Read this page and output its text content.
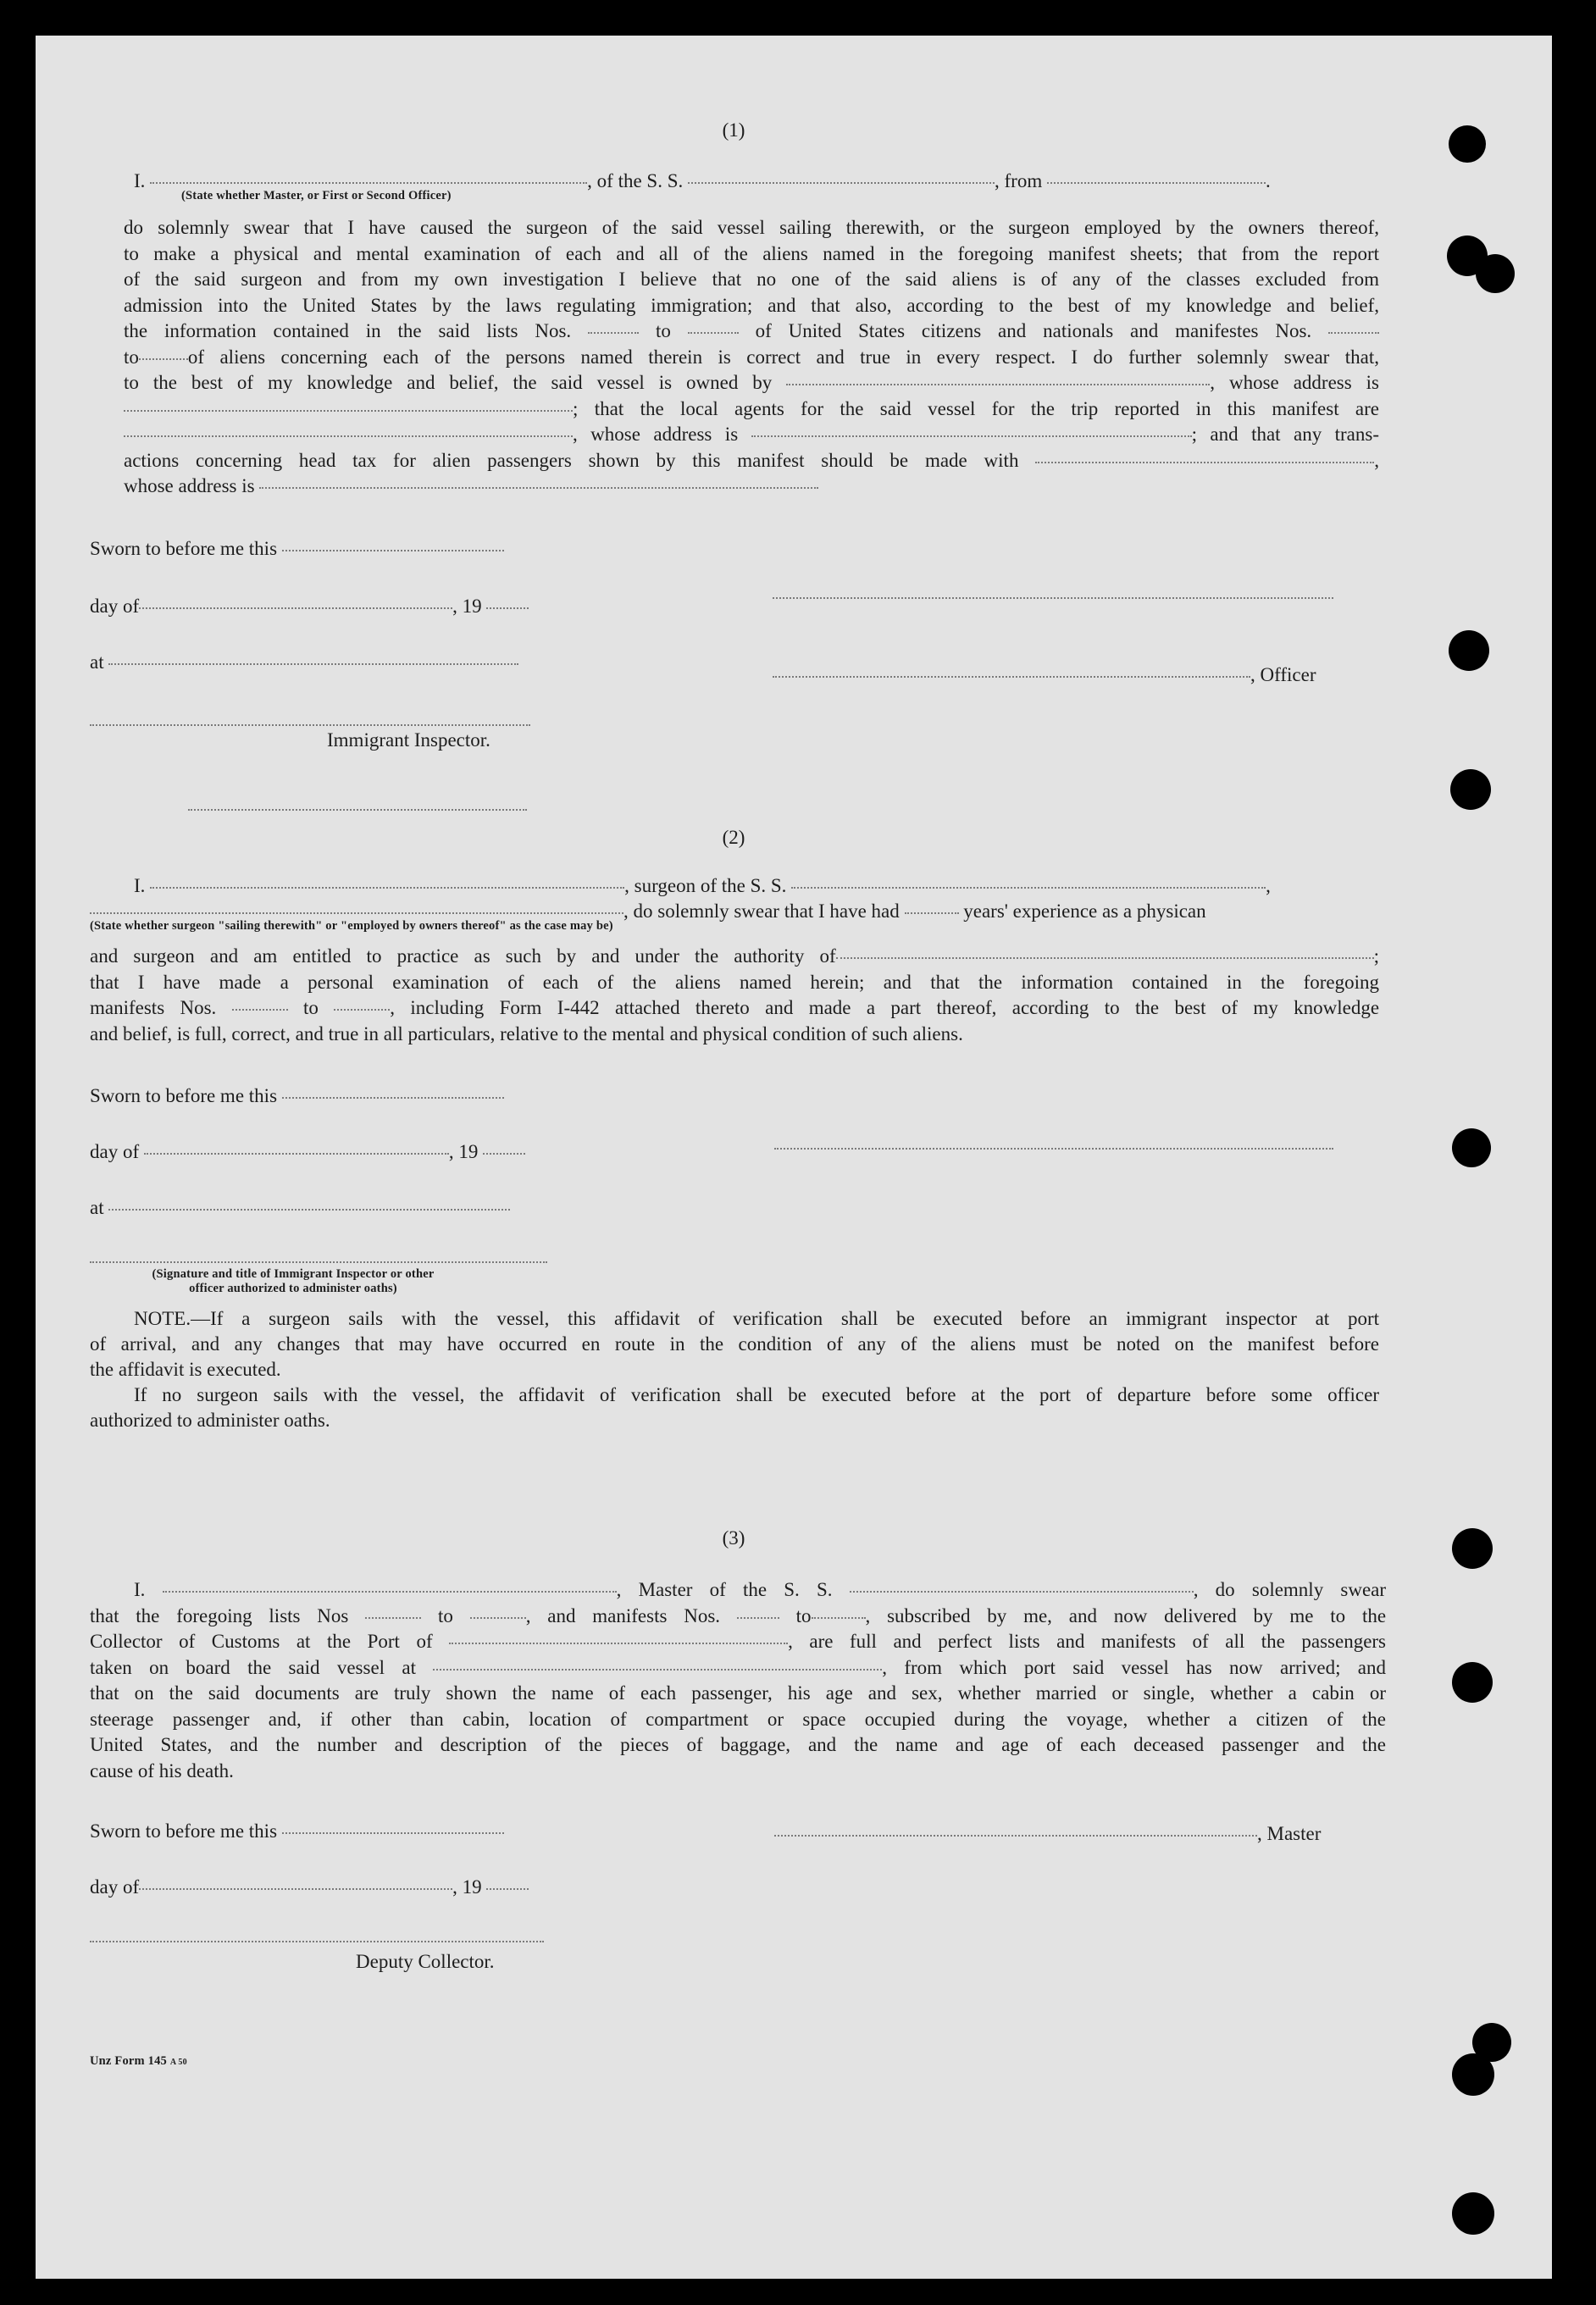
(1)
I.	, of the S. S.	, from	.
(State whether Master, or First or Second Officer)
do solemnly swear that I have caused the surgeon of the said vessel sailing therewith, or the surgeon employed by the owners thereof,
to make a physical and mental examination of each and all of the aliens named in the foregoing manifest sheets; that from the report
of the said surgeon and from my own investigation I believe that no one of the said aliens is of any of the classes excluded from
admission into the United States by the laws regulating immigration; and that also, according to the best of my knowledge and belief,
the information contained in the said lists Nos.	to	of United States citizens and nationals and manifestes Nos.
to	of aliens concerning each of the persons named therein is correct and true in every respect. I do further solemnly swear that,
to the best of my knowledge and belief, the said vessel is owned by	, whose address is
; that the local agents for the said vessel for the trip reported in this manifest are
, whose address is	; and that any trans-
actions concerning head tax for alien passengers shown by this manifest should be made with	,
whose address is
Sworn to before me this
day of	, 19
at
, Officer
Immigrant Inspector.
(2)
I.	, surgeon of the S. S.	,
, do solemnly swear that I have had	years' experience as a physican
(State whether surgeon "sailing therewith" or "employed by owners thereof" as the case may be)
and surgeon and am entitled to practice as such by and under the authority of	;
that I have made a personal examination of each of the aliens named herein; and that the information contained in the foregoing
manifests Nos.	to	, including Form I-442 attached thereto and made a part thereof, according to the best of my knowledge
and belief, is full, correct, and true in all particulars, relative to the mental and physical condition of such aliens.
Sworn to before me this
day of	, 19
at
(Signature and title of Immigrant Inspector or other
officer authorized to administer oaths)
NOTE.—If a surgeon sails with the vessel, this affidavit of verification shall be executed before an immigrant inspector at port
of arrival, and any changes that may have occurred en route in the condition of any of the aliens must be noted on the manifest before
the affidavit is executed.
If no surgeon sails with the vessel, the affidavit of verification shall be executed before at the port of departure before some officer
authorized to administer oaths.
(3)
I.	, Master of the S. S.	, do solemnly swear
that the foregoing lists Nos	to	, and manifests Nos.	to	, subscribed by me, and now delivered by me to the
Collector of Customs at the Port of	, are full and perfect lists and manifests of all the passengers
taken on board the said vessel at	, from which port said vessel has now arrived; and
that on the said documents are truly shown the name of each passenger, his age and sex, whether married or single, whether a cabin or
steerage passenger and, if other than cabin, location of compartment or space occupied during the voyage, whether a citizen of the
United States, and the number and description of the pieces of baggage, and the name and age of each deceased passenger and the
cause of his death.
Sworn to before me this	, Master
day of	, 19
Deputy Collector.
Unz Form 145 A 50
